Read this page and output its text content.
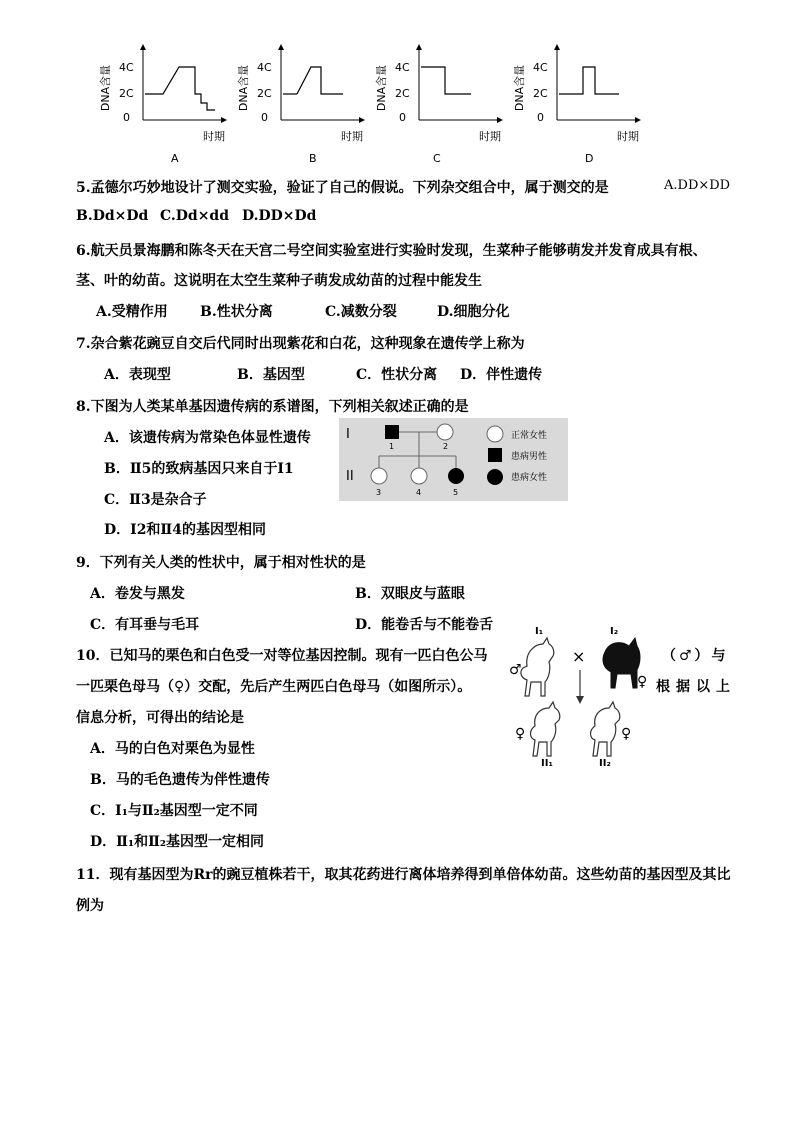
DNA含量 4C
2C
0
时期
A
DNA含量 4C
2C
0
时期
B
DNA含量 4C
2C
0
时期
C
DNA含量 4C
2C
0
时期
D
5.孟德尔巧妙地设计了测交实验，验证了自己的假说。下列杂交组合中，属于测交的是	A.DD×DD
B.Dd×Dd C.Dd×dd D.DD×Dd
6.航天员景海鹏和陈冬天在天宫二号空间实验室进行实验时发现，生菜种子能够萌发并发育成具有根、
茎、叶的幼苗。这说明在太空生菜种子萌发成幼苗的过程中能发生
A.受精作用 B.性状分离	C.减数分裂	D.细胞分化
7.杂合紫花豌豆自交后代同时出现紫花和白花，这种现象在遗传学上称为
A．表现型	B．基因型	C．性状分离 D．伴性遗传
8.下图为人类某单基因遗传病的系谱图，下列相关叙述正确的是
A．该遗传病为常染色体显性遗传
B．Ⅱ5的致病基因只来自于Ⅰ1
C．Ⅱ3是杂合子
D．Ⅰ2和Ⅱ4的基因型相同
I
II
1	2
3	4	5
正常女性
患病男性
患病女性
9．下列有关人类的性状中，属于相对性状的是
A．卷发与黑发	B．双眼皮与蓝眼
C．有耳垂与毛耳	D．能卷舌与不能卷舌
10．已知马的栗色和白色受一对等位基因控制。现有一匹白色公马	（♂）与
一匹栗色母马（♀）交配，先后产生两匹白色母马（如图所示）。	根据以上
信息分析，可得出的结论是
A．马的白色对栗色为显性
B．马的毛色遗传为伴性遗传
C．Ⅰ₁与Ⅱ₂基因型一定不同
D．Ⅱ₁和Ⅱ₂基因型一定相同
I₁	I₂
♂
×
♀
♀
II₁
♀
II₂
11．现有基因型为Rr的豌豆植株若干，取其花药进行离体培养得到单倍体幼苗。这些幼苗的基因型及其比
例为
